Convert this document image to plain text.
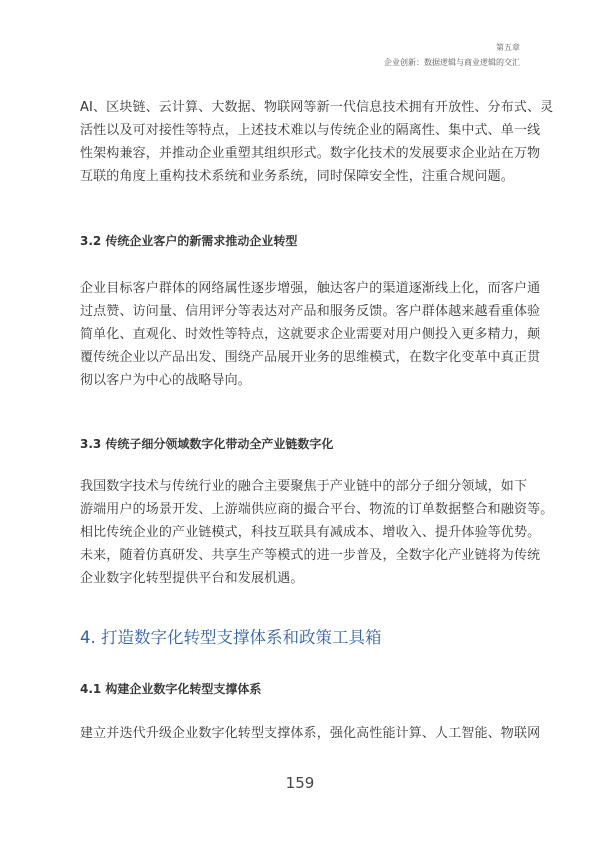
第五章
企业创新：数据逻辑与商业逻辑的交汇
AI、区块链、云计算、大数据、物联网等新一代信息技术拥有开放性、分布式、灵
活性以及可对接性等特点，上述技术难以与传统企业的隔离性、集中式、单一线
性架构兼容，并推动企业重塑其组织形式。数字化技术的发展要求企业站在万物
互联的角度上重构技术系统和业务系统，同时保障安全性，注重合规问题。
3.2 传统企业客户的新需求推动企业转型
企业目标客户群体的网络属性逐步增强，触达客户的渠道逐渐线上化，而客户通
过点赞、访问量、信用评分等表达对产品和服务反馈。客户群体越来越看重体验
简单化、直观化、时效性等特点，这就要求企业需要对用户侧投入更多精力，颠
覆传统企业以产品出发、围绕产品展开业务的思维模式，在数字化变革中真正贯
彻以客户为中心的战略导向。
3.3 传统子细分领域数字化带动全产业链数字化
我国数字技术与传统行业的融合主要聚焦于产业链中的部分子细分领域，如下
游端用户的场景开发、上游端供应商的撮合平台、物流的订单数据整合和融资等。
相比传统企业的产业链模式，科技互联具有减成本、增收入、提升体验等优势。
未来，随着仿真研发、共享生产等模式的进一步普及，全数字化产业链将为传统
企业数字化转型提供平台和发展机遇。
4. 打造数字化转型支撑体系和政策工具箱
4.1 构建企业数字化转型支撑体系
建立并迭代升级企业数字化转型支撑体系，强化高性能计算、人工智能、物联网
159
